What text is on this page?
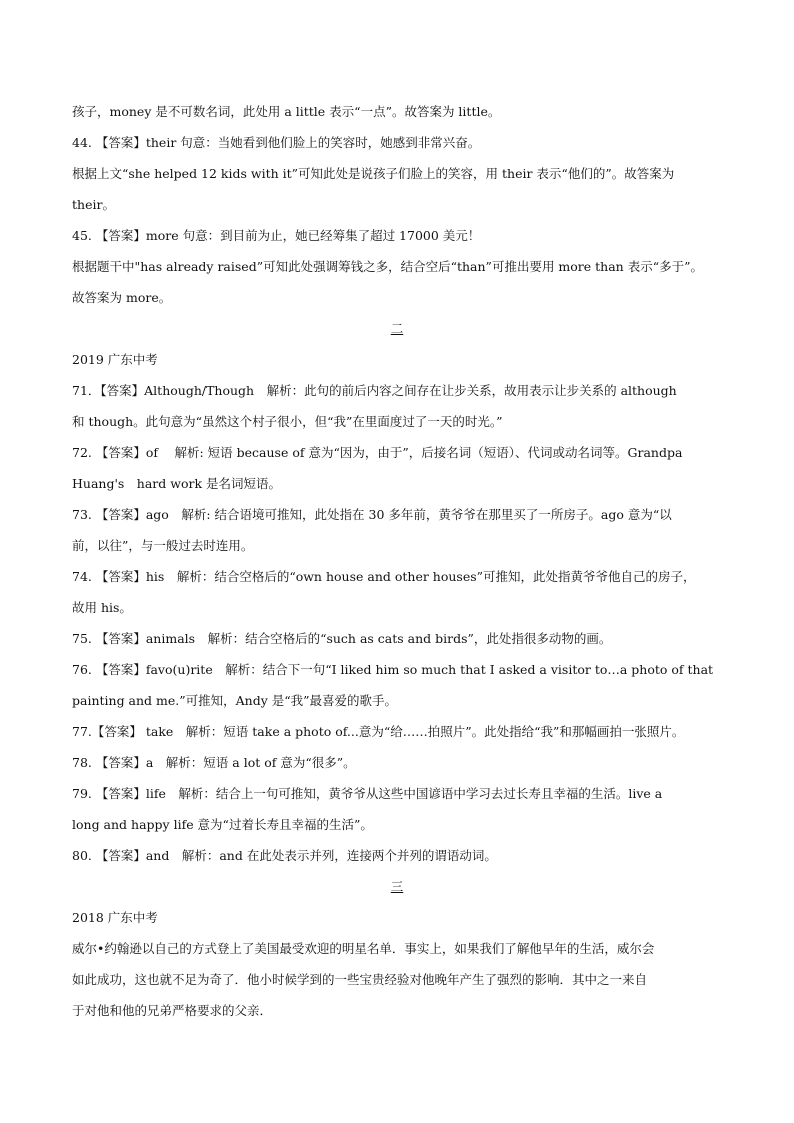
孩子，money 是不可数名词，此处用 a little 表示“一点”。故答案为 little。
44. 【答案】their 句意：当她看到他们脸上的笑容时，她感到非常兴奋。
根据上文“she helped 12 kids with it”可知此处是说孩子们脸上的笑容，用 their 表示“他们的”。故答案为
their。
45. 【答案】more 句意：到目前为止，她已经筹集了超过 17000 美元！
根据题干中"has already raised”可知此处强调筹钱之多，结合空后“than”可推出要用 more than 表示“多于”。
故答案为 more。
二
2019 广东中考
71．【答案】Although/Though　解析：此句的前后内容之间存在让步关系，故用表示让步关系的 although
和 though。此句意为“虽然这个村子很小，但“我”在里面度过了一天的时光。”
72. 【答案】of　 解析: 短语 because of 意为“因为，由于”，后接名词（短语）、代词或动名词等。Grandpa
Huang's　hard work 是名词短语。
73. 【答案】ago　解析: 结合语境可推知，此处指在 30 多年前，黄爷爷在那里买了一所房子。ago 意为“以
前，以往”，与一般过去时连用。
74. 【答案】his　解析：结合空格后的“own house and other houses”可推知，此处指黄爷爷他自己的房子，
故用 his。
75. 【答案】animals　解析：结合空格后的“such as cats and birds”，此处指很多动物的画。
76. 【答案】favo(u)rite　解析：结合下一句“I liked him so much that I asked a visitor to…a photo of that
painting and me.”可推知，Andy 是“我”最喜爱的歌手。
77.【答案】 take　解析：短语 take a photo of...意为“给……拍照片”。此处指给“我”和那幅画拍一张照片。
78. 【答案】a　解析：短语 a lot of 意为“很多”。
79. 【答案】life　解析：结合上一句可推知，黄爷爷从这些中国谚语中学习去过长寿且幸福的生活。live a
long and happy life 意为“过着长寿且幸福的生活”。
80. 【答案】and　解析：and 在此处表示并列，连接两个并列的谓语动词。
三
2018 广东中考
威尔•约翰逊以自己的方式登上了美国最受欢迎的明星名单．事实上，如果我们了解他早年的生活，威尔会
如此成功，这也就不足为奇了．他小时候学到的一些宝贵经验对他晚年产生了强烈的影响．其中之一来自
于对他和他的兄弟严格要求的父亲．
